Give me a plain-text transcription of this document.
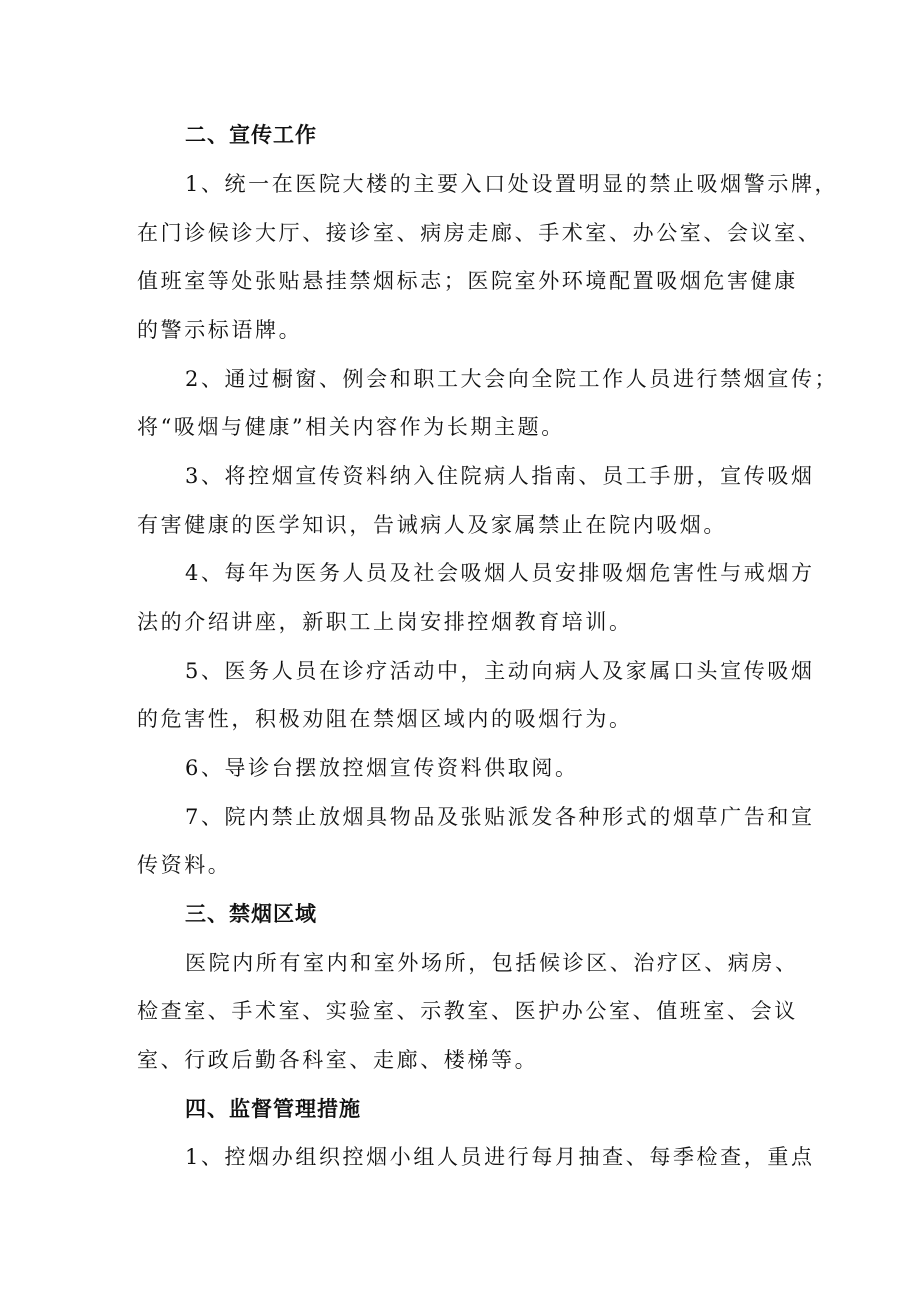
二、宣传工作
1、统一在医院大楼的主要入口处设置明显的禁止吸烟警示牌，
在门诊候诊大厅、接诊室、病房走廊、手术室、办公室、会议室、
值班室等处张贴悬挂禁烟标志；医院室外环境配置吸烟危害健康
的警示标语牌。
2、通过橱窗、例会和职工大会向全院工作人员进行禁烟宣传；
将“吸烟与健康”相关内容作为长期主题。
3、将控烟宣传资料纳入住院病人指南、员工手册，宣传吸烟
有害健康的医学知识，告诫病人及家属禁止在院内吸烟。
4、每年为医务人员及社会吸烟人员安排吸烟危害性与戒烟方
法的介绍讲座，新职工上岗安排控烟教育培训。
5、医务人员在诊疗活动中，主动向病人及家属口头宣传吸烟
的危害性，积极劝阻在禁烟区域内的吸烟行为。
6、导诊台摆放控烟宣传资料供取阅。
7、院内禁止放烟具物品及张贴派发各种形式的烟草广告和宣
传资料。
三、禁烟区域
医院内所有室内和室外场所，包括候诊区、治疗区、病房、
检查室、手术室、实验室、示教室、医护办公室、值班室、会议
室、行政后勤各科室、走廊、楼梯等。
四、监督管理措施
1、控烟办组织控烟小组人员进行每月抽查、每季检查，重点
